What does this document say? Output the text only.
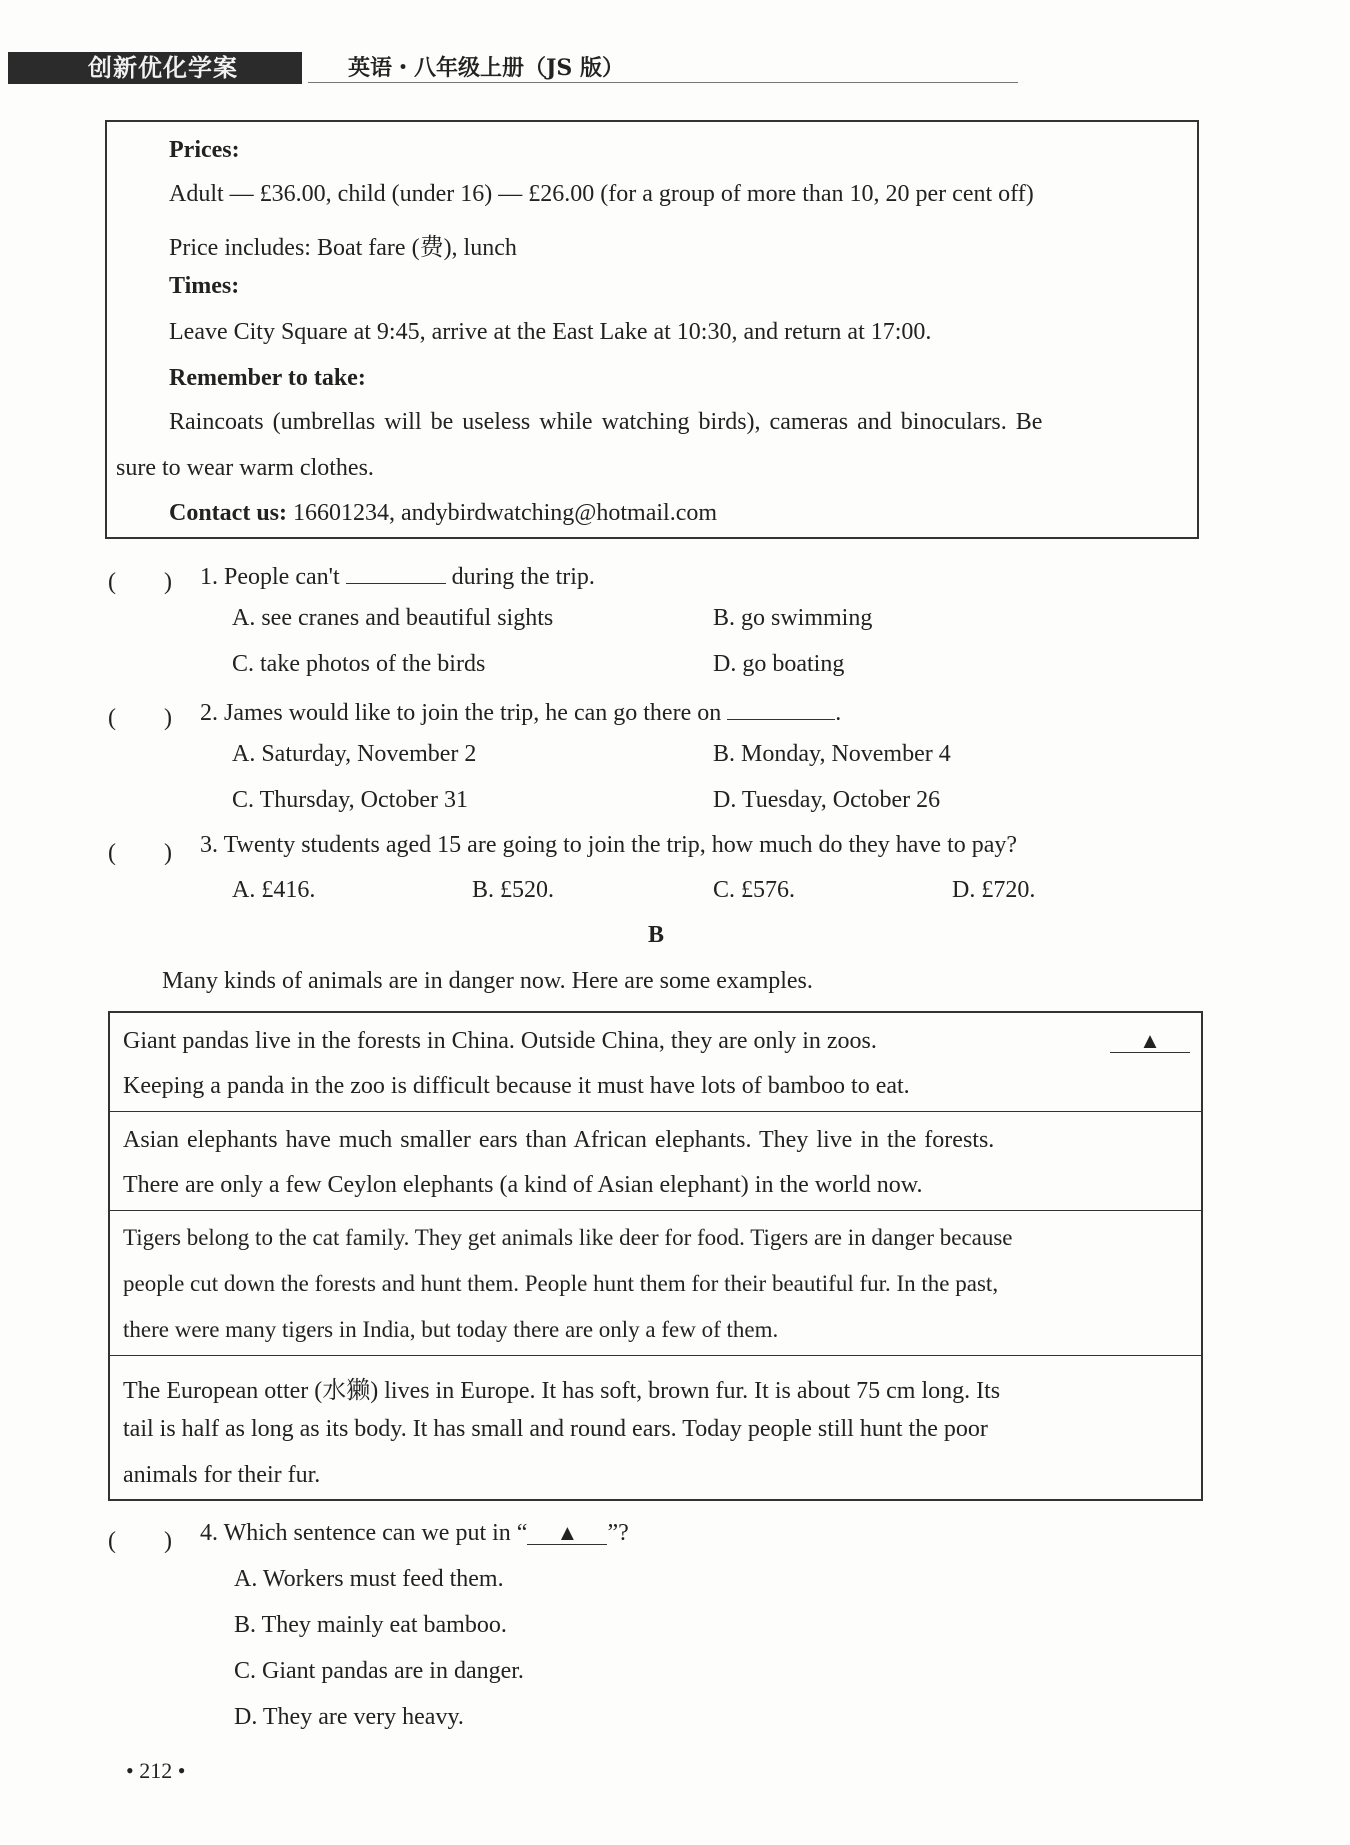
创新优化学案	英语・八年级上册（JS 版）
Prices:
Adult — £36.00, child (under 16) — £26.00 (for a group of more than 10, 20 per cent off)
Price includes: Boat fare (费), lunch
Times:
Leave City Square at 9:45, arrive at the East Lake at 10:30, and return at 17:00.
Remember to take:
Raincoats (umbrellas will be useless while watching birds), cameras and binoculars. Be
sure to wear warm clothes.
Contact us: 16601234, andybirdwatching@hotmail.com
(　　) 1. People can't	during the trip.
A. see cranes and beautiful sights	B. go swimming
C. take photos of the birds	D. go boating
(　　) 2. James would like to join the trip, he can go there on	.
A. Saturday, November 2	B. Monday, November 4
C. Thursday, October 31	D. Tuesday, October 26
(　　) 3. Twenty students aged 15 are going to join the trip, how much do they have to pay?
A. £416.	B. £520.	C. £576.	D. £720.
B
Many kinds of animals are in danger now. Here are some examples.
Giant pandas live in the forests in China. Outside China, they are only in zoos.	▲
Keeping a panda in the zoo is difficult because it must have lots of bamboo to eat.
Asian elephants have much smaller ears than African elephants. They live in the forests.
There are only a few Ceylon elephants (a kind of Asian elephant) in the world now.
Tigers belong to the cat family. They get animals like deer for food. Tigers are in danger because
people cut down the forests and hunt them. People hunt them for their beautiful fur. In the past,
there were many tigers in India, but today there are only a few of them.
The European otter (水獭) lives in Europe. It has soft, brown fur. It is about 75 cm long. Its
tail is half as long as its body. It has small and round ears. Today people still hunt the poor
animals for their fur.
(　　) 4. Which sentence can we put in “ ▲ ”?
A. Workers must feed them.
B. They mainly eat bamboo.
C. Giant pandas are in danger.
D. They are very heavy.
• 212 •
